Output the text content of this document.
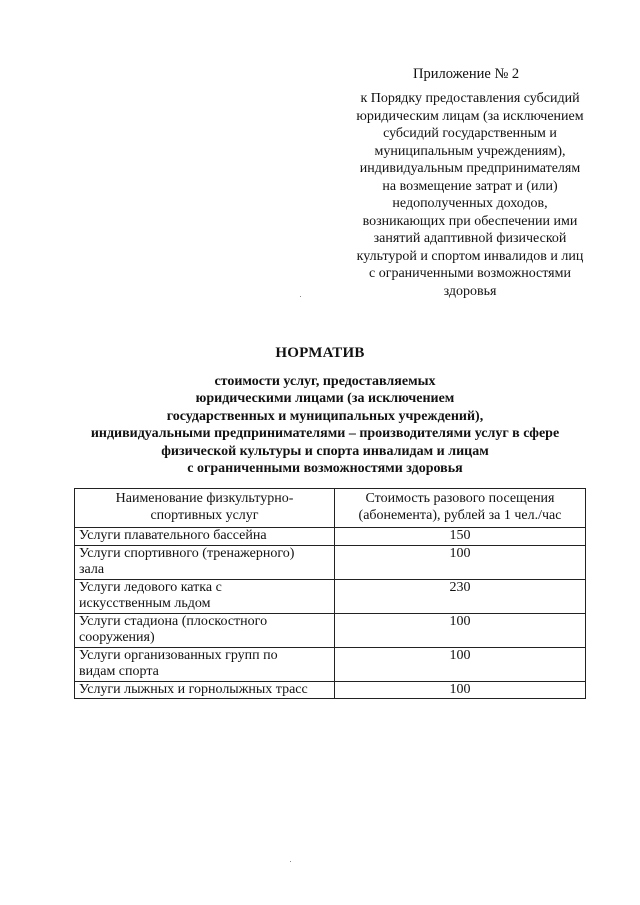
Приложение № 2
к Порядку предоставления субсидий
юридическим лицам (за исключением
субсидий государственным и
муниципальным учреждениям),
индивидуальным предпринимателям
на возмещение затрат и (или)
недополученных доходов,
возникающих при обеспечении ими
занятий адаптивной физической
культурой и спортом инвалидов и лиц
с ограниченными возможностями
здоровья
НОРМАТИВ
стоимости услуг, предоставляемых
юридическими лицами (за исключением
государственных и муниципальных учреждений),
индивидуальными предпринимателями – производителями услуг в сфере
физической культуры и спорта инвалидам и лицам
с ограниченными возможностями здоровья
Наименование физкультурно-
спортивных услуг	Стоимость разового посещения
(абонемента), рублей за 1 чел./час
Услуги плавательного бассейна	150
Услуги спортивного (тренажерного)
зала	100
Услуги ледового катка с
искусственным льдом	230
Услуги стадиона (плоскостного
сооружения)	100
Услуги организованных групп по
видам спорта	100
Услуги лыжных и горнолыжных трасс	100
